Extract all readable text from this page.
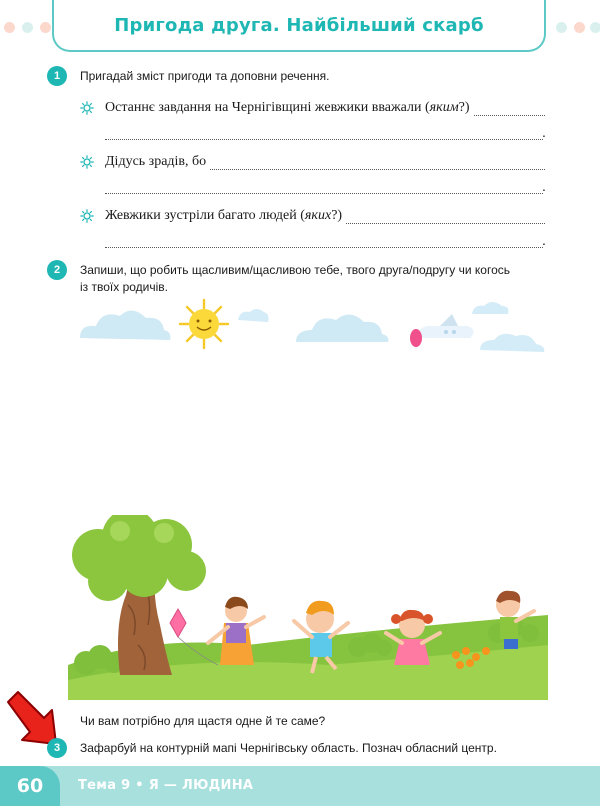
Пригода друга. Найбільший скарб
1	Пригадай зміст пригоди та доповни речення.
Останнє завдання на Чернігівщині жевжики вважали ( яким ?)
.
Дідусь зрадів, бо
.
Жевжики зустріли багато людей ( яких ?)
.
2	Запиши, що робить щасливим/щасливою тебе, твого друга/подругу чи когось
із твоїх родичів.
Чи вам потрібно для щастя одне й те саме?
3	Зафарбуй на контурній мапі Чернігівську область. Познач обласний центр.
60	Тема 9 • Я — ЛЮДИНА
